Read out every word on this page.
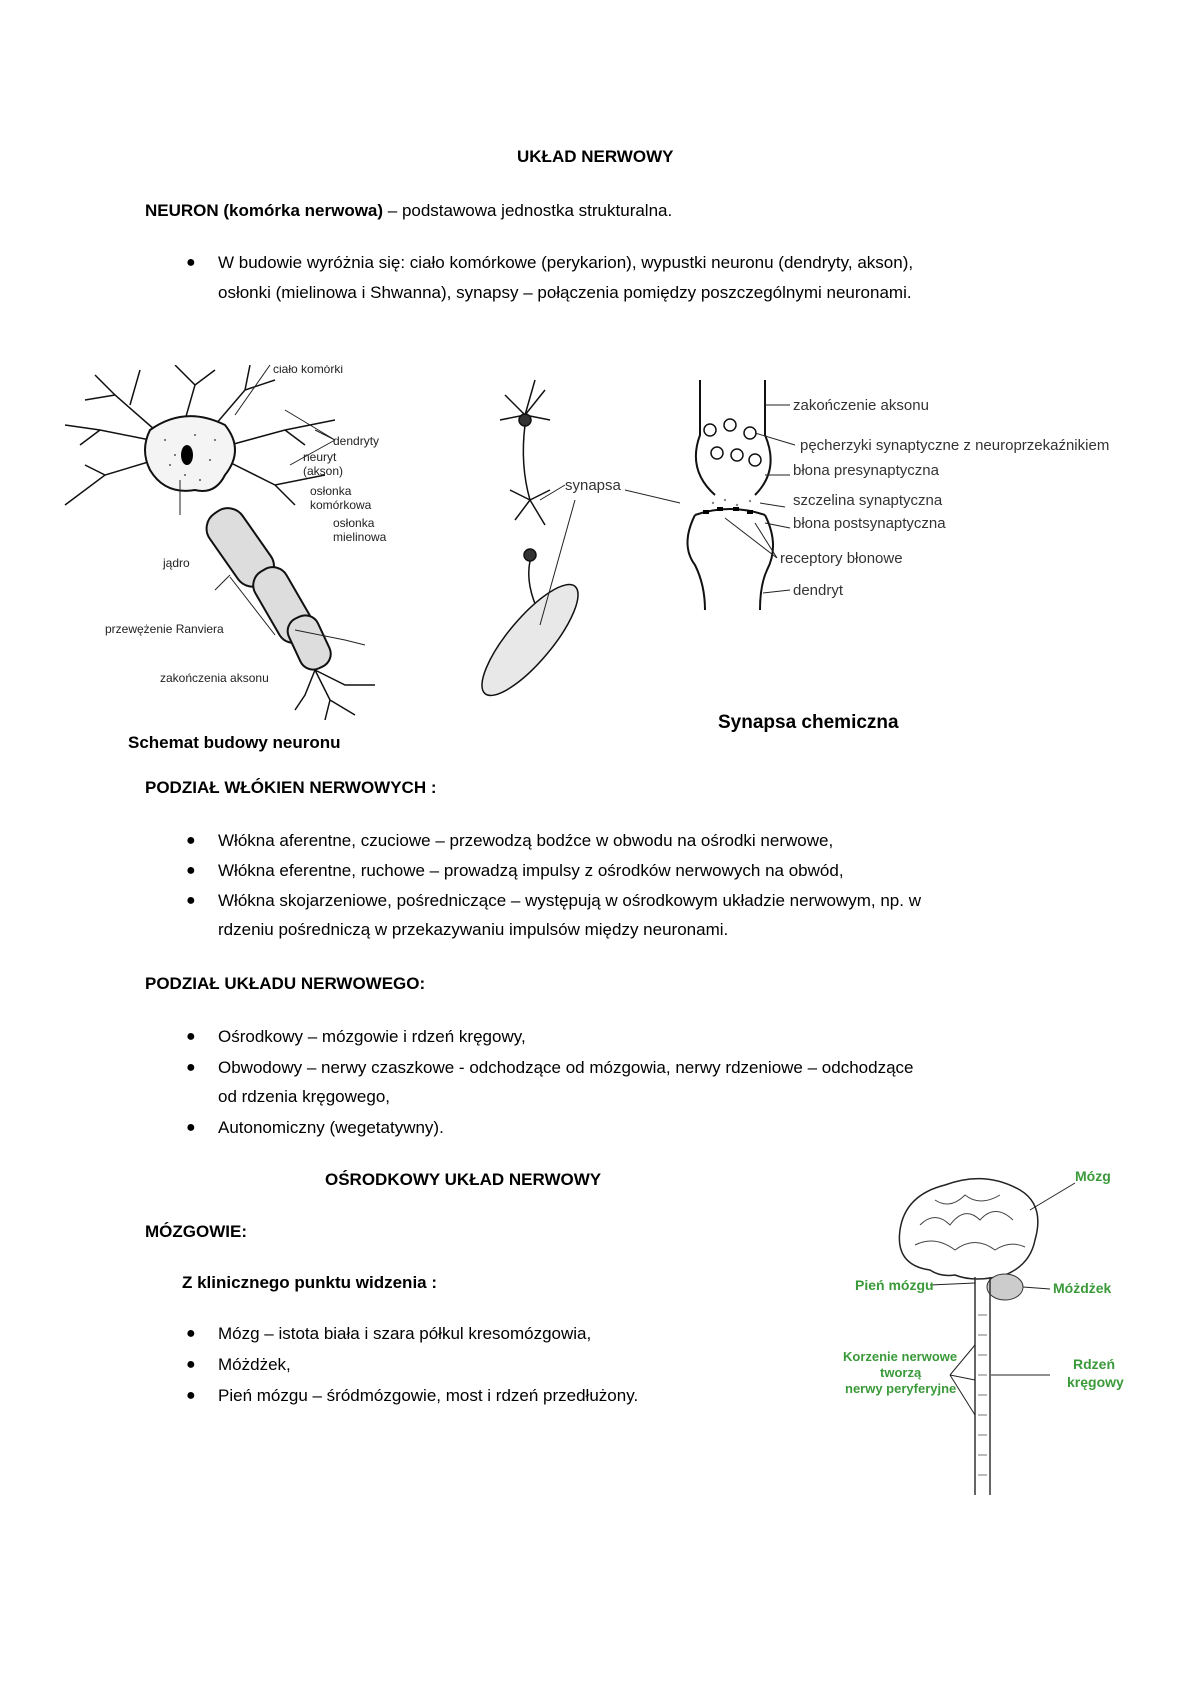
UKŁAD NERWOWY
NEURON (komórka nerwowa) – podstawowa jednostka strukturalna.
● W budowie wyróżnia się: ciało komórkowe (perykarion), wypustki neuronu (dendryty, akson),
osłonki (mielinowa i Shwanna), synapsy – połączenia pomiędzy poszczególnymi neuronami.
ciało komórki
dendryty
neuryt
(akson)
osłonka
komórkowa
osłonka
mielinowa
jądro
przewężenie Ranviera
zakończenia aksonu
Schemat budowy neuronu
synapsa
zakończenie aksonu
pęcherzyki synaptyczne z neuroprzekaźnikiem
błona presynaptyczna
szczelina synaptyczna
błona postsynaptyczna
receptory błonowe
dendryt
Synapsa chemiczna
PODZIAŁ WŁÓKIEN NERWOWYCH :
● Włókna aferentne, czuciowe – przewodzą bodźce w obwodu na ośrodki nerwowe,
● Włókna eferentne, ruchowe – prowadzą impulsy z ośrodków nerwowych na obwód,
● Włókna skojarzeniowe, pośredniczące – występują w ośrodkowym układzie nerwowym, np. w
rdzeniu pośredniczą w przekazywaniu impulsów między neuronami.
PODZIAŁ UKŁADU NERWOWEGO:
● Ośrodkowy – mózgowie i rdzeń kręgowy,
● Obwodowy – nerwy czaszkowe - odchodzące od mózgowia, nerwy rdzeniowe – odchodzące
od rdzenia kręgowego,
● Autonomiczny (wegetatywny).
OŚRODKOWY UKŁAD NERWOWY
MÓZGOWIE:
Z klinicznego punktu widzenia :
● Mózg – istota biała i szara półkul kresomózgowia,
● Móżdżek,
● Pień mózgu – śródmózgowie, most i rdzeń przedłużony.
Mózg
Pień mózgu	Móżdżek
Korzenie nerwowe
tworzą
nerwy peryferyjne
Rdzeń
kręgowy
